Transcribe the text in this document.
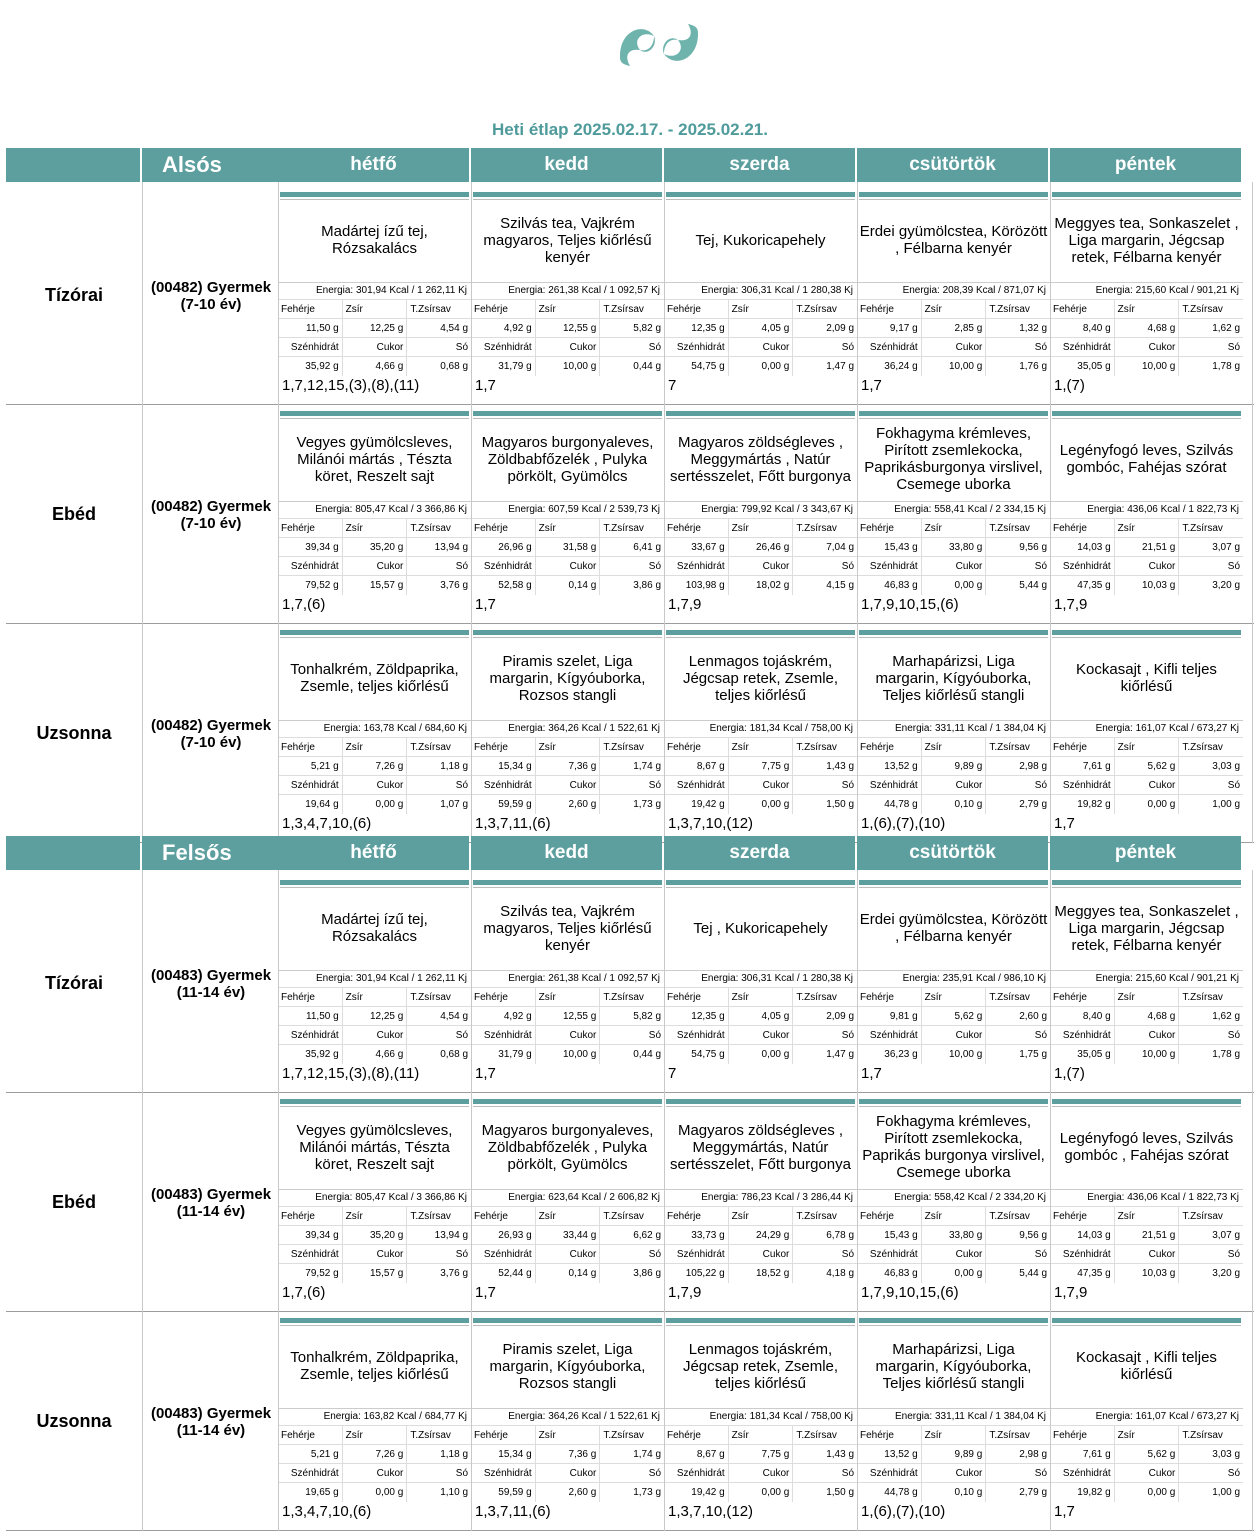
Heti étlap 2025.02.17. - 2025.02.21.
Alsós	hétfő	kedd	szerda	csütörtök	péntek
Tízórai	(00482) Gyermek
(7-10 év)
Madártej ízű tej, Rózsakalács
Energia: 301,94 Kcal / 1 262,11 Kj
Fehérje	Zsír	T.Zsírsav
11,50 g	12,25 g	4,54 g
Szénhidrát	Cukor	Só
35,92 g	4,66 g	0,68 g
1,7,12,15,(3),(8),(11)
Szilvás tea, Vajkrém magyaros, Teljes kiőrlésű kenyér
Energia: 261,38 Kcal / 1 092,57 Kj
Fehérje	Zsír	T.Zsírsav
4,92 g	12,55 g	5,82 g
Szénhidrát	Cukor	Só
31,79 g	10,00 g	0,44 g
1,7
Tej, Kukoricapehely
Energia: 306,31 Kcal / 1 280,38 Kj
Fehérje	Zsír	T.Zsírsav
12,35 g	4,05 g	2,09 g
Szénhidrát	Cukor	Só
54,75 g	0,00 g	1,47 g
7
Erdei gyümölcstea, Körözött , Félbarna kenyér
Energia: 208,39 Kcal / 871,07 Kj
Fehérje	Zsír	T.Zsírsav
9,17 g	2,85 g	1,32 g
Szénhidrát	Cukor	Só
36,24 g	10,00 g	1,76 g
1,7
Meggyes tea, Sonkaszelet , Liga margarin, Jégcsap retek, Félbarna kenyér
Energia: 215,60 Kcal / 901,21 Kj
Fehérje	Zsír	T.Zsírsav
8,40 g	4,68 g	1,62 g
Szénhidrát	Cukor	Só
35,05 g	10,00 g	1,78 g
1,(7)
Ebéd	(00482) Gyermek
(7-10 év)
Vegyes gyümölcsleves, Milánói mártás , Tészta köret, Reszelt sajt
Energia: 805,47 Kcal / 3 366,86 Kj
Fehérje	Zsír	T.Zsírsav
39,34 g	35,20 g	13,94 g
Szénhidrát	Cukor	Só
79,52 g	15,57 g	3,76 g
1,7,(6)
Magyaros burgonyaleves, Zöldbabfőzelék , Pulyka pörkölt, Gyümölcs
Energia: 607,59 Kcal / 2 539,73 Kj
Fehérje	Zsír	T.Zsírsav
26,96 g	31,58 g	6,41 g
Szénhidrát	Cukor	Só
52,58 g	0,14 g	3,86 g
1,7
Magyaros zöldségleves , Meggymártás , Natúr sertésszelet, Főtt burgonya
Energia: 799,92 Kcal / 3 343,67 Kj
Fehérje	Zsír	T.Zsírsav
33,67 g	26,46 g	7,04 g
Szénhidrát	Cukor	Só
103,98 g	18,02 g	4,15 g
1,7,9
Fokhagyma krémleves, Pirított zsemlekocka, Paprikásburgonya virslivel, Csemege uborka
Energia: 558,41 Kcal / 2 334,15 Kj
Fehérje	Zsír	T.Zsírsav
15,43 g	33,80 g	9,56 g
Szénhidrát	Cukor	Só
46,83 g	0,00 g	5,44 g
1,7,9,10,15,(6)
Legényfogó leves, Szilvás gombóc, Fahéjas szórat
Energia: 436,06 Kcal / 1 822,73 Kj
Fehérje	Zsír	T.Zsírsav
14,03 g	21,51 g	3,07 g
Szénhidrát	Cukor	Só
47,35 g	10,03 g	3,20 g
1,7,9
Uzsonna	(00482) Gyermek
(7-10 év)
Tonhalkrém, Zöldpaprika, Zsemle, teljes kiőrlésű
Energia: 163,78 Kcal / 684,60 Kj
Fehérje	Zsír	T.Zsírsav
5,21 g	7,26 g	1,18 g
Szénhidrát	Cukor	Só
19,64 g	0,00 g	1,07 g
1,3,4,7,10,(6)
Piramis szelet, Liga margarin, Kígyóuborka, Rozsos stangli
Energia: 364,26 Kcal / 1 522,61 Kj
Fehérje	Zsír	T.Zsírsav
15,34 g	7,36 g	1,74 g
Szénhidrát	Cukor	Só
59,59 g	2,60 g	1,73 g
1,3,7,11,(6)
Lenmagos tojáskrém, Jégcsap retek, Zsemle, teljes kiőrlésű
Energia: 181,34 Kcal / 758,00 Kj
Fehérje	Zsír	T.Zsírsav
8,67 g	7,75 g	1,43 g
Szénhidrát	Cukor	Só
19,42 g	0,00 g	1,50 g
1,3,7,10,(12)
Marhapárizsi, Liga margarin, Kígyóuborka, Teljes kiőrlésű stangli
Energia: 331,11 Kcal / 1 384,04 Kj
Fehérje	Zsír	T.Zsírsav
13,52 g	9,89 g	2,98 g
Szénhidrát	Cukor	Só
44,78 g	0,10 g	2,79 g
1,(6),(7),(10)
Kockasajt , Kifli teljes kiőrlésű
Energia: 161,07 Kcal / 673,27 Kj
Fehérje	Zsír	T.Zsírsav
7,61 g	5,62 g	3,03 g
Szénhidrát	Cukor	Só
19,82 g	0,00 g	1,00 g
1,7
Felsős	hétfő	kedd	szerda	csütörtök	péntek
Tízórai	(00483) Gyermek
(11-14 év)
Madártej ízű tej, Rózsakalács
Energia: 301,94 Kcal / 1 262,11 Kj
Fehérje	Zsír	T.Zsírsav
11,50 g	12,25 g	4,54 g
Szénhidrát	Cukor	Só
35,92 g	4,66 g	0,68 g
1,7,12,15,(3),(8),(11)
Szilvás tea, Vajkrém magyaros, Teljes kiőrlésű kenyér
Energia: 261,38 Kcal / 1 092,57 Kj
Fehérje	Zsír	T.Zsírsav
4,92 g	12,55 g	5,82 g
Szénhidrát	Cukor	Só
31,79 g	10,00 g	0,44 g
1,7
Tej , Kukoricapehely
Energia: 306,31 Kcal / 1 280,38 Kj
Fehérje	Zsír	T.Zsírsav
12,35 g	4,05 g	2,09 g
Szénhidrát	Cukor	Só
54,75 g	0,00 g	1,47 g
7
Erdei gyümölcstea, Körözött , Félbarna kenyér
Energia: 235,91 Kcal / 986,10 Kj
Fehérje	Zsír	T.Zsírsav
9,81 g	5,62 g	2,60 g
Szénhidrát	Cukor	Só
36,23 g	10,00 g	1,75 g
1,7
Meggyes tea, Sonkaszelet , Liga margarin, Jégcsap retek, Félbarna kenyér
Energia: 215,60 Kcal / 901,21 Kj
Fehérje	Zsír	T.Zsírsav
8,40 g	4,68 g	1,62 g
Szénhidrát	Cukor	Só
35,05 g	10,00 g	1,78 g
1,(7)
Ebéd	(00483) Gyermek
(11-14 év)
Vegyes gyümölcsleves, Milánói mártás, Tészta köret, Reszelt sajt
Energia: 805,47 Kcal / 3 366,86 Kj
Fehérje	Zsír	T.Zsírsav
39,34 g	35,20 g	13,94 g
Szénhidrát	Cukor	Só
79,52 g	15,57 g	3,76 g
1,7,(6)
Magyaros burgonyaleves, Zöldbabfőzelék , Pulyka pörkölt, Gyümölcs
Energia: 623,64 Kcal / 2 606,82 Kj
Fehérje	Zsír	T.Zsírsav
26,93 g	33,44 g	6,62 g
Szénhidrát	Cukor	Só
52,44 g	0,14 g	3,86 g
1,7
Magyaros zöldségleves , Meggymártás, Natúr sertésszelet, Főtt burgonya
Energia: 786,23 Kcal / 3 286,44 Kj
Fehérje	Zsír	T.Zsírsav
33,73 g	24,29 g	6,78 g
Szénhidrát	Cukor	Só
105,22 g	18,52 g	4,18 g
1,7,9
Fokhagyma krémleves, Pirított zsemlekocka, Paprikás burgonya virslivel, Csemege uborka
Energia: 558,42 Kcal / 2 334,20 Kj
Fehérje	Zsír	T.Zsírsav
15,43 g	33,80 g	9,56 g
Szénhidrát	Cukor	Só
46,83 g	0,00 g	5,44 g
1,7,9,10,15,(6)
Legényfogó leves, Szilvás gombóc , Fahéjas szórat
Energia: 436,06 Kcal / 1 822,73 Kj
Fehérje	Zsír	T.Zsírsav
14,03 g	21,51 g	3,07 g
Szénhidrát	Cukor	Só
47,35 g	10,03 g	3,20 g
1,7,9
Uzsonna	(00483) Gyermek
(11-14 év)
Tonhalkrém, Zöldpaprika, Zsemle, teljes kiőrlésű
Energia: 163,82 Kcal / 684,77 Kj
Fehérje	Zsír	T.Zsírsav
5,21 g	7,26 g	1,18 g
Szénhidrát	Cukor	Só
19,65 g	0,00 g	1,10 g
1,3,4,7,10,(6)
Piramis szelet, Liga margarin, Kígyóuborka, Rozsos stangli
Energia: 364,26 Kcal / 1 522,61 Kj
Fehérje	Zsír	T.Zsírsav
15,34 g	7,36 g	1,74 g
Szénhidrát	Cukor	Só
59,59 g	2,60 g	1,73 g
1,3,7,11,(6)
Lenmagos tojáskrém, Jégcsap retek, Zsemle, teljes kiőrlésű
Energia: 181,34 Kcal / 758,00 Kj
Fehérje	Zsír	T.Zsírsav
8,67 g	7,75 g	1,43 g
Szénhidrát	Cukor	Só
19,42 g	0,00 g	1,50 g
1,3,7,10,(12)
Marhapárizsi, Liga margarin, Kígyóuborka, Teljes kiőrlésű stangli
Energia: 331,11 Kcal / 1 384,04 Kj
Fehérje	Zsír	T.Zsírsav
13,52 g	9,89 g	2,98 g
Szénhidrát	Cukor	Só
44,78 g	0,10 g	2,79 g
1,(6),(7),(10)
Kockasajt , Kifli teljes kiőrlésű
Energia: 161,07 Kcal / 673,27 Kj
Fehérje	Zsír	T.Zsírsav
7,61 g	5,62 g	3,03 g
Szénhidrát	Cukor	Só
19,82 g	0,00 g	1,00 g
1,7
